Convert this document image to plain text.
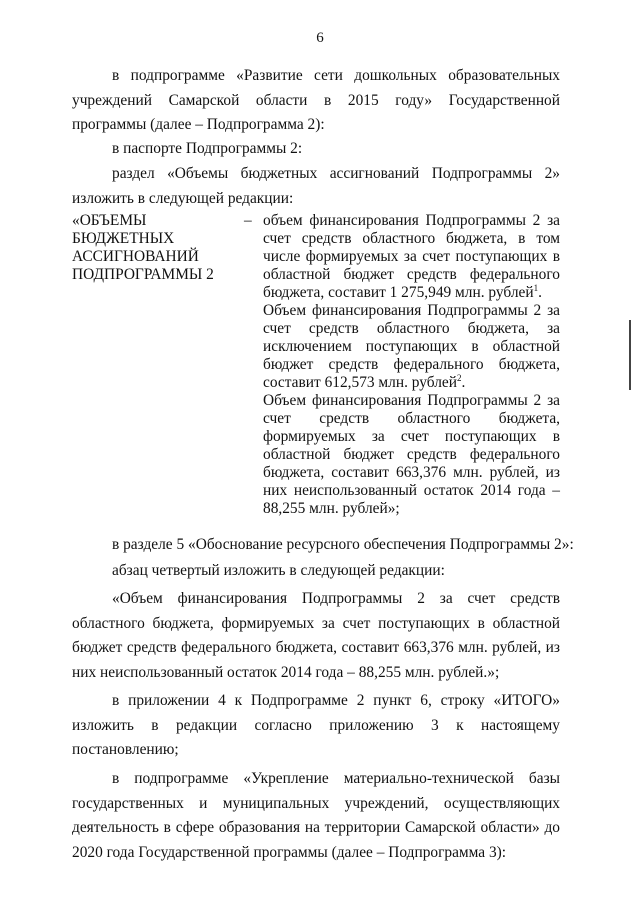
6
в подпрограмме «Развитие сети дошкольных образовательных учреждений Самарской области в 2015 году» Государственной программы (далее – Подпрограмма 2):
в паспорте Подпрограммы 2:
раздел «Объемы бюджетных ассигнований Подпрограммы 2» изложить в следующей редакции:
«ОБЪЕМЫ
БЮДЖЕТНЫХ
АССИГНОВАНИЙ
ПОДПРОГРАММЫ 2
– объем финансирования Подпрограммы 2 за счет средств областного бюджета, в том числе формируемых за счет поступающих в областной бюджет средств федерального бюджета, составит 1 275,949 млн. рублей$^1$.
Объем финансирования Подпрограммы 2 за счет средств областного бюджета, за исключением поступающих в областной бюджет средств федерального бюджета, составит 612,573 млн. рублей$^2$.
Объем финансирования Подпрограммы 2 за счет средств областного бюджета, формируемых за счет поступающих в областной бюджет средств федерального бюджета, составит 663,376 млн. рублей, из них неиспользованный остаток 2014 года – 88,255 млн. рублей»;
в разделе 5 «Обоснование ресурсного обеспечения Подпрограммы 2»:
абзац четвертый изложить в следующей редакции:
«Объем финансирования Подпрограммы 2 за счет средств областного бюджета, формируемых за счет поступающих в областной бюджет средств федерального бюджета, составит 663,376 млн. рублей, из них неиспользованный остаток 2014 года – 88,255 млн. рублей.»;
в приложении 4 к Подпрограмме 2 пункт 6, строку «ИТОГО» изложить в редакции согласно приложению 3 к настоящему постановлению;
в подпрограмме «Укрепление материально-технической базы государственных и муниципальных учреждений, осуществляющих деятельность в сфере образования на территории Самарской области» до 2020 года Государственной программы (далее – Подпрограмма 3):
